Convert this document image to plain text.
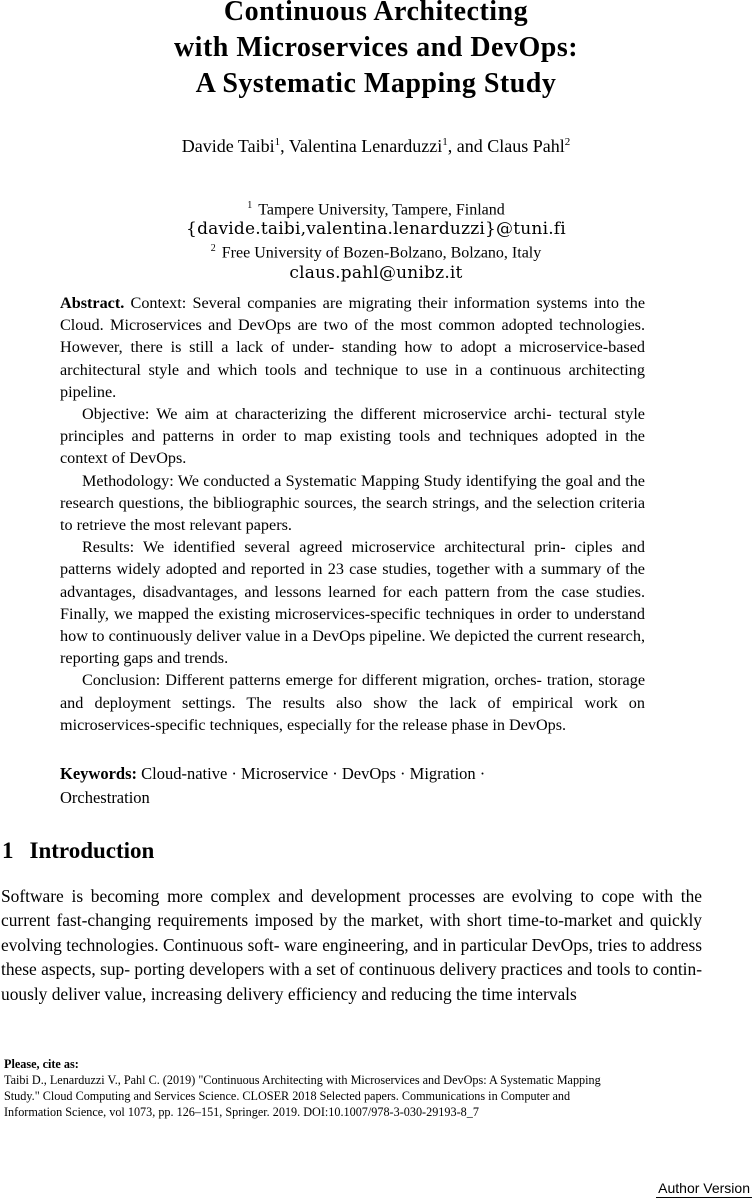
Continuous Architecting
with Microservices and DevOps:
A Systematic Mapping Study
Davide Taibi$^1$, Valentina Lenarduzzi$^1$, and Claus Pahl$^2$
$^1$ Tampere University, Tampere, Finland
{davide.taibi,valentina.lenarduzzi}@tuni.fi
$^2$ Free University of Bozen-Bolzano, Bolzano, Italy
claus.pahl@unibz.it

Abstract. Context: Several companies are migrating their information systems into the Cloud. Microservices and DevOps are two of the most common adopted technologies. However, there is still a lack of under- standing how to adopt a microservice-based architectural style and which tools and technique to use in a continuous architecting pipeline.

Objective: We aim at characterizing the different microservice archi- tectural style principles and patterns in order to map existing tools and techniques adopted in the context of DevOps.

Methodology: We conducted a Systematic Mapping Study identifying the goal and the research questions, the bibliographic sources, the search strings, and the selection criteria to retrieve the most relevant papers.

Results: We identified several agreed microservice architectural prin- ciples and patterns widely adopted and reported in 23 case studies, together with a summary of the advantages, disadvantages, and lessons learned for each pattern from the case studies. Finally, we mapped the existing microservices-specific techniques in order to understand how to continuously deliver value in a DevOps pipeline. We depicted the current research, reporting gaps and trends.

Conclusion: Different patterns emerge for different migration, orches- tration, storage and deployment settings. The results also show the lack of empirical work on microservices-specific techniques, especially for the release phase in DevOps.

Keywords: Cloud-native · Microservice · DevOps · Migration ·
Orchestration
1 Introduction

Software is becoming more complex and development processes are evolving to cope with the current fast-changing requirements imposed by the market, with short time-to-market and quickly evolving technologies. Continuous soft- ware engineering, and in particular DevOps, tries to address these aspects, sup- porting developers with a set of continuous delivery practices and tools to contin- uously deliver value, increasing delivery efficiency and reducing the time intervals

Please, cite as:
Taibi D., Lenarduzzi V., Pahl C. (2019) "Continuous Architecting with Microservices and DevOps: A Systematic Mapping
Study." Cloud Computing and Services Science. CLOSER 2018 Selected papers. Communications in Computer and
Information Science, vol 1073, pp. 126–151, Springer. 2019. DOI:10.1007/978-3-030-29193-8_7
Author Version
